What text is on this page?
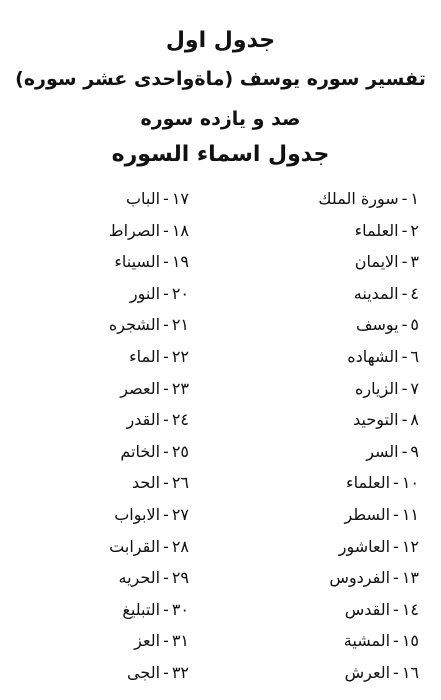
جدول اول
تفسیر سوره یوسف (ماةواحدی عشر سوره)
صد و یازده سوره
جدول اسماء السوره
١-سورة الملك
٢-العلماء
٣-الايمان
٤-المدينه
٥-يوسف
٦-الشهاده
٧-الزياره
٨-التوحيد
٩-السر
١٠-العلماء
١١-السطر
١٢-العاشور
١٣-الفردوس
١٤-القدس
١٥-المشية
١٦-العرش
١٧-الباب
١٨-الصراط
١٩-السيناء
٢٠-النور
٢١-الشجره
٢٢-الماء
٢٣-العصر
٢٤-القدر
٢٥-الخاتم
٢٦-الحد
٢٧-الابواب
٢٨-القرابت
٢٩-الحريه
٣٠-التبليغ
٣١-العز
٣٢-الجى
